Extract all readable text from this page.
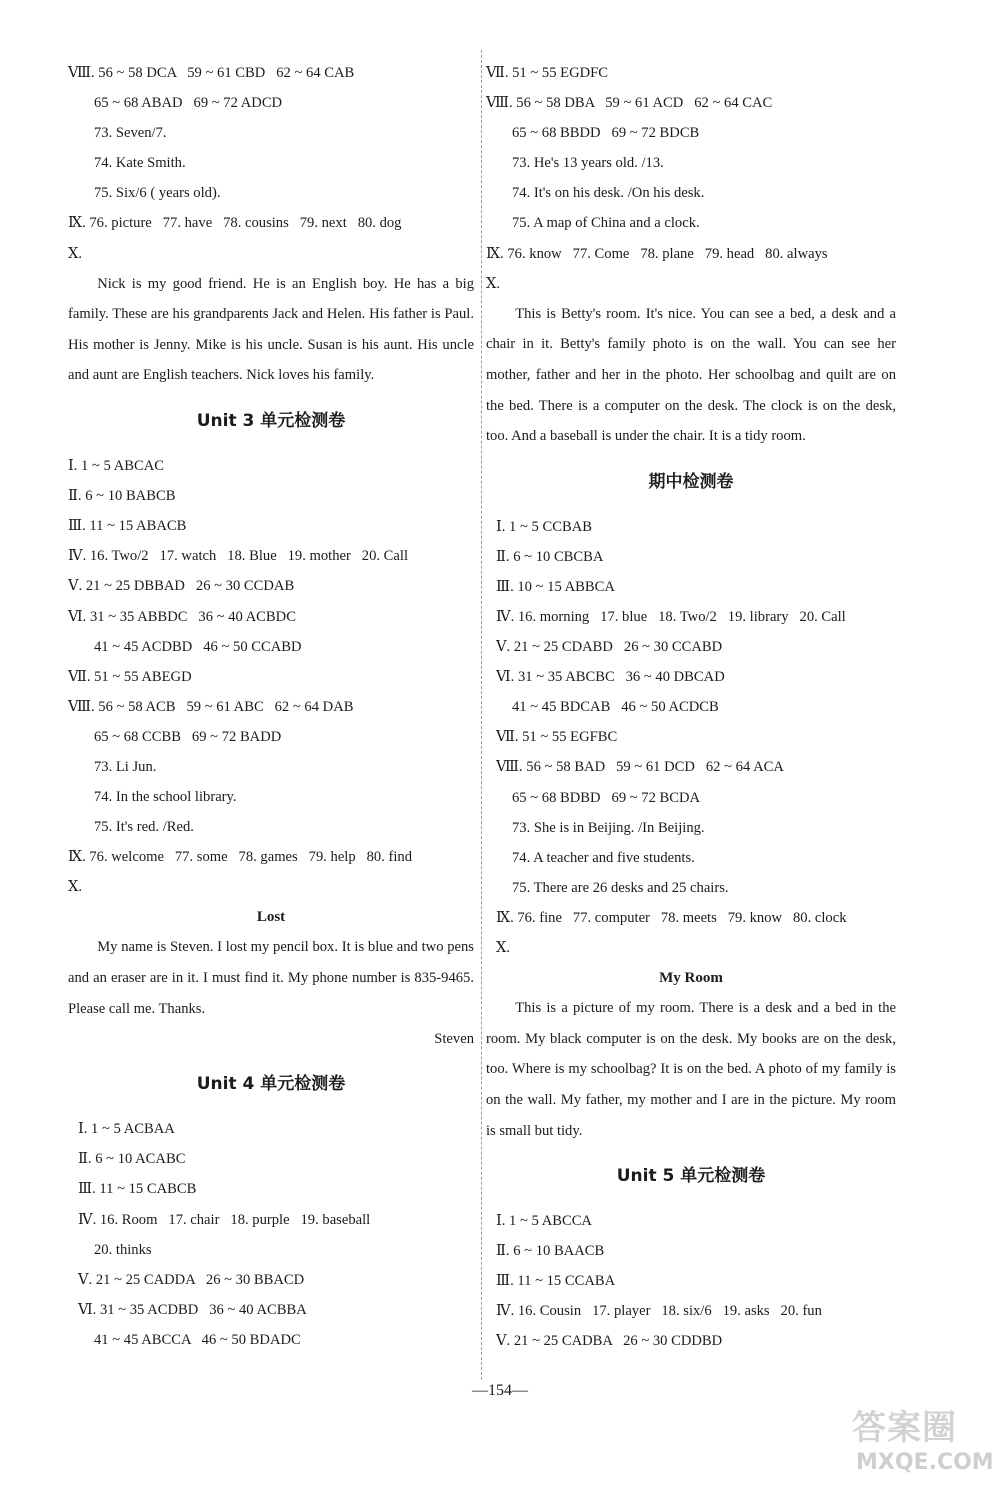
Ⅷ. 56 ~ 58 DCA   59 ~ 61 CBD   62 ~ 64 CAB
65 ~ 68 ABAD   69 ~ 72 ADCD
73. Seven/7.
74. Kate Smith.
75. Six/6 ( years old).
Ⅸ. 76. picture   77. have   78. cousins   79. next   80. dog
Ⅹ.

Nick is my good friend. He is an English boy. He has a big family. These are his grandparents Jack and Helen. His father is Paul. His mother is Jenny. Mike is his uncle. Susan is his aunt. His uncle and aunt are English teachers. Nick loves his family.

Unit 3 单元检测卷
Ⅰ. 1 ~ 5 ABCAC
Ⅱ. 6 ~ 10 BABCB
Ⅲ. 11 ~ 15 ABACB
Ⅳ. 16. Two/2   17. watch   18. Blue   19. mother   20. Call
Ⅴ. 21 ~ 25 DBBAD   26 ~ 30 CCDAB
Ⅵ. 31 ~ 35 ABBDC   36 ~ 40 ACBDC
41 ~ 45 ACDBD   46 ~ 50 CCABD
Ⅶ. 51 ~ 55 ABEGD
Ⅷ. 56 ~ 58 ACB   59 ~ 61 ABC   62 ~ 64 DAB
65 ~ 68 CCBB   69 ~ 72 BADD
73. Li Jun.
74. In the school library.
75. It's red. /Red.
Ⅸ. 76. welcome   77. some   78. games   79. help   80. find
Ⅹ.
Lost

My name is Steven. I lost my pencil box. It is blue and two pens and an eraser are in it. I must find it. My phone number is 835-9465. Please call me. Thanks.

Steven
Unit 4 单元检测卷
Ⅰ. 1 ~ 5 ACBAA
Ⅱ. 6 ~ 10 ACABC
Ⅲ. 11 ~ 15 CABCB
Ⅳ. 16. Room   17. chair   18. purple   19. baseball
20. thinks
Ⅴ. 21 ~ 25 CADDA   26 ~ 30 BBACD
Ⅵ. 31 ~ 35 ACDBD   36 ~ 40 ACBBA
41 ~ 45 ABCCA   46 ~ 50 BDADC
Ⅶ. 51 ~ 55 EGDFC
Ⅷ. 56 ~ 58 DBA   59 ~ 61 ACD   62 ~ 64 CAC
65 ~ 68 BBDD   69 ~ 72 BDCB
73. He's 13 years old. /13.
74. It's on his desk. /On his desk.
75. A map of China and a clock.
Ⅸ. 76. know   77. Come   78. plane   79. head   80. always
Ⅹ.

This is Betty's room. It's nice. You can see a bed, a desk and a chair in it. Betty's family photo is on the wall. You can see her mother, father and her in the photo. Her schoolbag and quilt are on the bed. There is a computer on the desk. The clock is on the desk, too. And a baseball is under the chair. It is a tidy room.

期中检测卷
Ⅰ. 1 ~ 5 CCBAB
Ⅱ. 6 ~ 10 CBCBA
Ⅲ. 10 ~ 15 ABBCA
Ⅳ. 16. morning   17. blue   18. Two/2   19. library   20. Call
Ⅴ. 21 ~ 25 CDABD   26 ~ 30 CCABD
Ⅵ. 31 ~ 35 ABCBC   36 ~ 40 DBCAD
41 ~ 45 BDCAB   46 ~ 50 ACDCB
Ⅶ. 51 ~ 55 EGFBC
Ⅷ. 56 ~ 58 BAD   59 ~ 61 DCD   62 ~ 64 ACA
65 ~ 68 BDBD   69 ~ 72 BCDA
73. She is in Beijing. /In Beijing.
74. A teacher and five students.
75. There are 26 desks and 25 chairs.
Ⅸ. 76. fine   77. computer   78. meets   79. know   80. clock
Ⅹ.
My Room

This is a picture of my room. There is a desk and a bed in the room. My black computer is on the desk. My books are on the desk, too. Where is my schoolbag? It is on the bed. A photo of my family is on the wall. My father, my mother and I are in the picture. My room is small but tidy.

Unit 5 单元检测卷
Ⅰ. 1 ~ 5 ABCCA
Ⅱ. 6 ~ 10 BAACB
Ⅲ. 11 ~ 15 CCABA
Ⅳ. 16. Cousin   17. player   18. six/6   19. asks   20. fun
Ⅴ. 21 ~ 25 CADBA   26 ~ 30 CDDBD
—154—
答案圈
MXQE.COM
